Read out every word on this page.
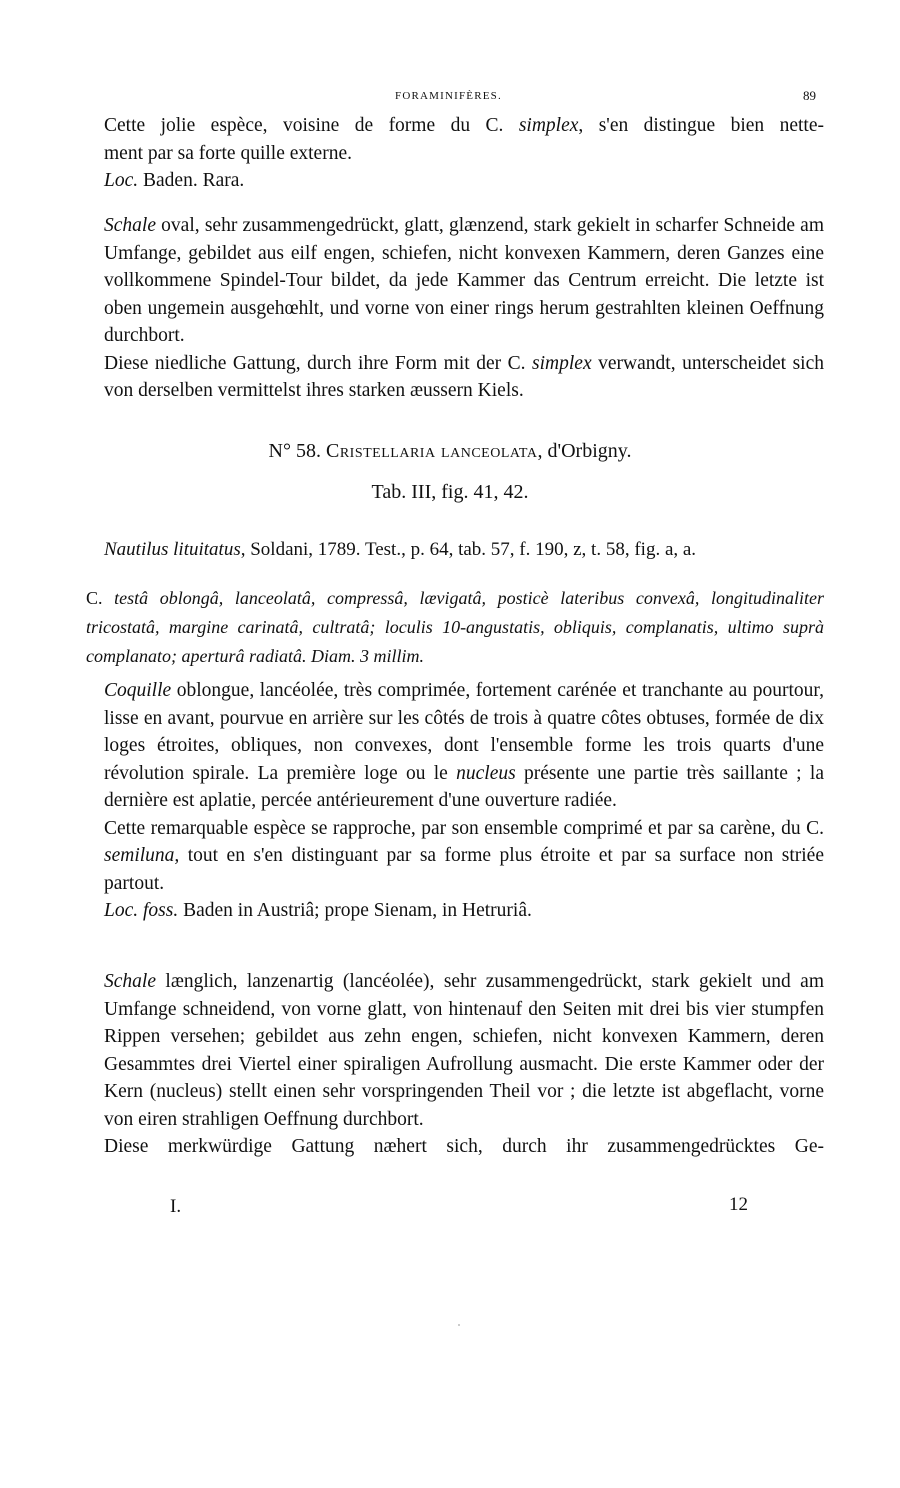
FORAMINIFÈRES.	89

Cette jolie espèce, voisine de forme du C. simplex, s'en distingue bien nette-

ment par sa forte quille externe.

Loc. Baden. Rara.

Schale oval, sehr zusammengedrückt, glatt, glænzend, stark gekielt in scharfer Schneide am Umfange, gebildet aus eilf engen, schiefen, nicht konvexen Kammern, deren Ganzes eine vollkommene Spindel-Tour bildet, da jede Kammer das Centrum erreicht. Die letzte ist oben ungemein ausgehœhlt, und vorne von einer rings herum gestrahlten kleinen Oeffnung durchbort.

Diese niedliche Gattung, durch ihre Form mit der C. simplex verwandt, unterscheidet sich von derselben vermittelst ihres starken æussern Kiels.

N° 58. Cristellaria lanceolata, d'Orbigny.
Tab. III, fig. 41, 42.

Nautilus lituitatus, Soldani, 1789. Test., p. 64, tab. 57, f. 190, z, t. 58, fig. a, a.

C. testâ oblongâ, lanceolatâ, compressâ, lævigatâ, posticè lateribus convexâ, longitudinaliter tricostatâ, margine carinatâ, cultratâ; loculis 10-angustatis, obliquis, complanatis, ultimo suprà complanato; aperturâ radiatâ. Diam. 3 millim.

Coquille oblongue, lancéolée, très comprimée, fortement carénée et tranchante au pourtour, lisse en avant, pourvue en arrière sur les côtés de trois à quatre côtes obtuses, formée de dix loges étroites, obliques, non convexes, dont l'ensemble forme les trois quarts d'une révolution spirale. La première loge ou le nucleus présente une partie très saillante ; la dernière est aplatie, percée antérieurement d'une ouverture radiée.

Cette remarquable espèce se rapproche, par son ensemble comprimé et par sa carène, du C. semiluna, tout en s'en distinguant par sa forme plus étroite et par sa surface non striée partout.

Loc. foss. Baden in Austriâ; prope Sienam, in Hetruriâ.

Schale længlich, lanzenartig (lancéolée), sehr zusammengedrückt, stark gekielt und am Umfange schneidend, von vorne glatt, von hintenauf den Seiten mit drei bis vier stumpfen Rippen versehen; gebildet aus zehn engen, schiefen, nicht konvexen Kammern, deren Gesammtes drei Viertel einer spiraligen Aufrollung ausmacht. Die erste Kammer oder der Kern (nucleus) stellt einen sehr vorspringenden Theil vor ; die letzte ist abgeflacht, vorne von eiren strahligen Oeffnung durchbort.

Diese merkwürdige Gattung næhert sich, durch ihr zusammengedrücktes Ge-

I.	12
